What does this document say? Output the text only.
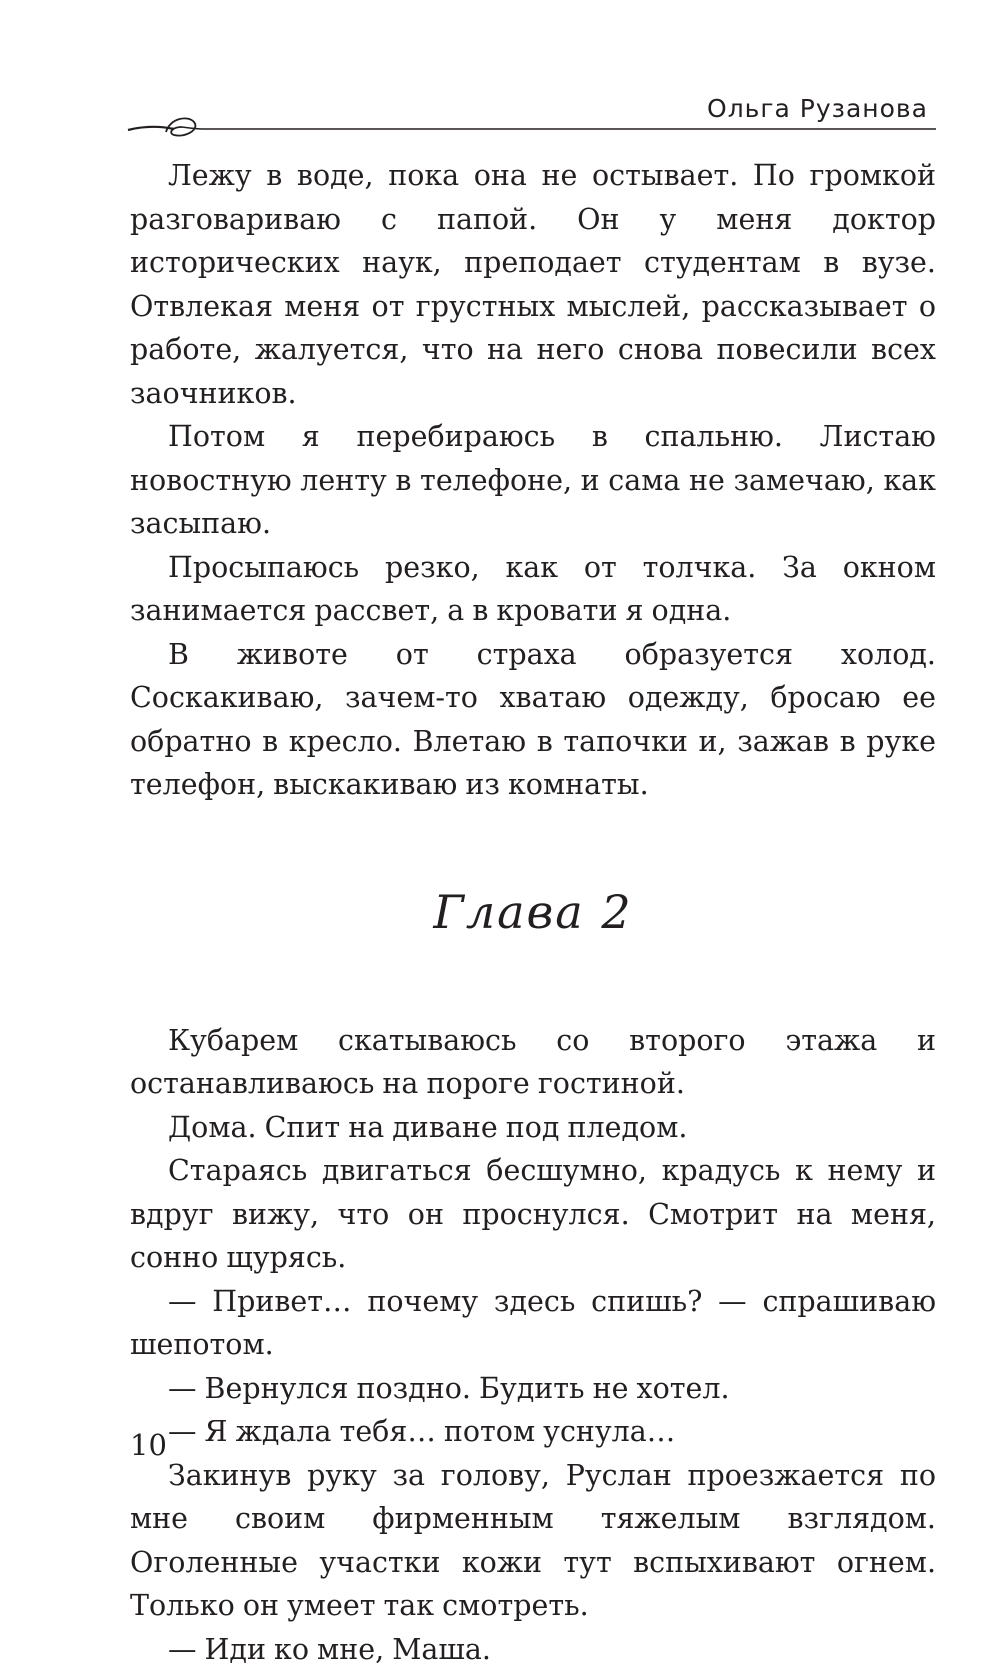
Ольга Рузанова

Лежу в воде, пока она не остывает. По громкой разговариваю с папой. Он у меня доктор исторических наук, преподает студентам в вузе. Отвлекая меня от грустных мыслей, рассказывает о работе, жалуется, что на него снова повесили всех заочников.

Потом я перебираюсь в спальню. Листаю новостную ленту в телефоне, и сама не замечаю, как засыпаю.

Просыпаюсь резко, как от толчка. За окном занимается рассвет, а в кровати я одна.

В животе от страха образуется холод. Соскакиваю, зачем-то хватаю одежду, бросаю ее обратно в кресло. Влетаю в тапочки и, зажав в руке телефон, выскакиваю из комнаты.

Глава 2

Кубарем скатываюсь со второго этажа и останавливаюсь на пороге гостиной.

Дома. Спит на диване под пледом.

Стараясь двигаться бесшумно, крадусь к нему и вдруг вижу, что он проснулся. Смотрит на меня, сонно щурясь.

— Привет… почему здесь спишь? — спрашиваю шепотом.

— Вернулся поздно. Будить не хотел.

— Я ждала тебя… потом уснула…

Закинув руку за голову, Руслан проезжается по мне своим фирменным тяжелым взглядом. Оголенные участки кожи тут вспыхивают огнем. Только он умеет так смотреть.

— Иди ко мне, Маша.

10
